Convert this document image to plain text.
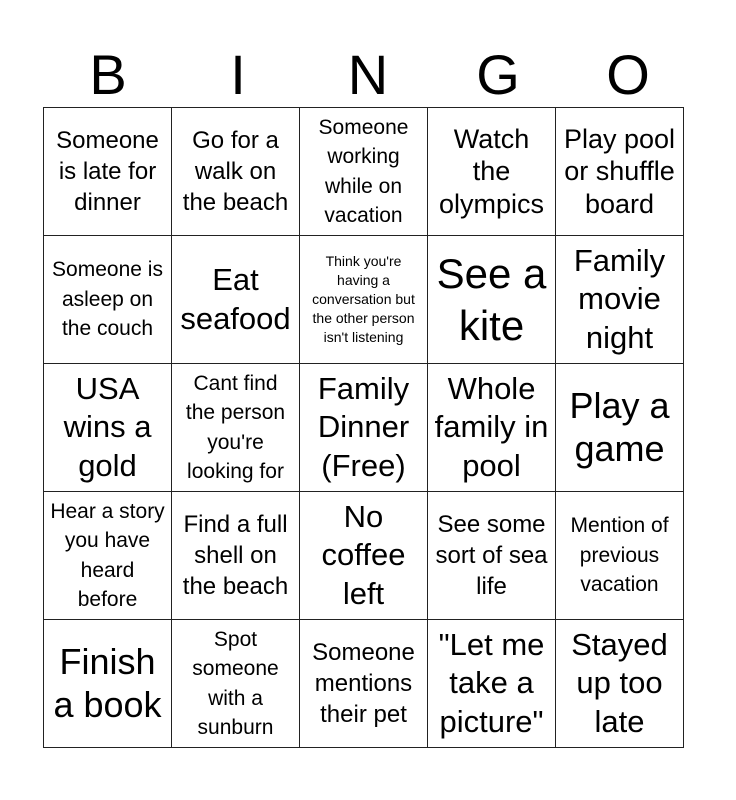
B	I	N	G	O
Someone is late for dinner	Go for a walk on the beach	Someone working while on vacation	Watch the olympics	Play pool or shuffle board
Someone is asleep on the couch	Eat seafood	Think you're having a conversation but the other person isn't listening	See a kite	Family movie night
USA wins a gold	Cant find the person you're looking for	Family Dinner (Free)	Whole family in pool	Play a game
Hear a story you have heard before	Find a full shell on the beach	No coffee left	See some sort of sea life	Mention of previous vacation
Finish a book	Spot someone with a sunburn	Someone mentions their pet	"Let me take a picture"	Stayed up too late
